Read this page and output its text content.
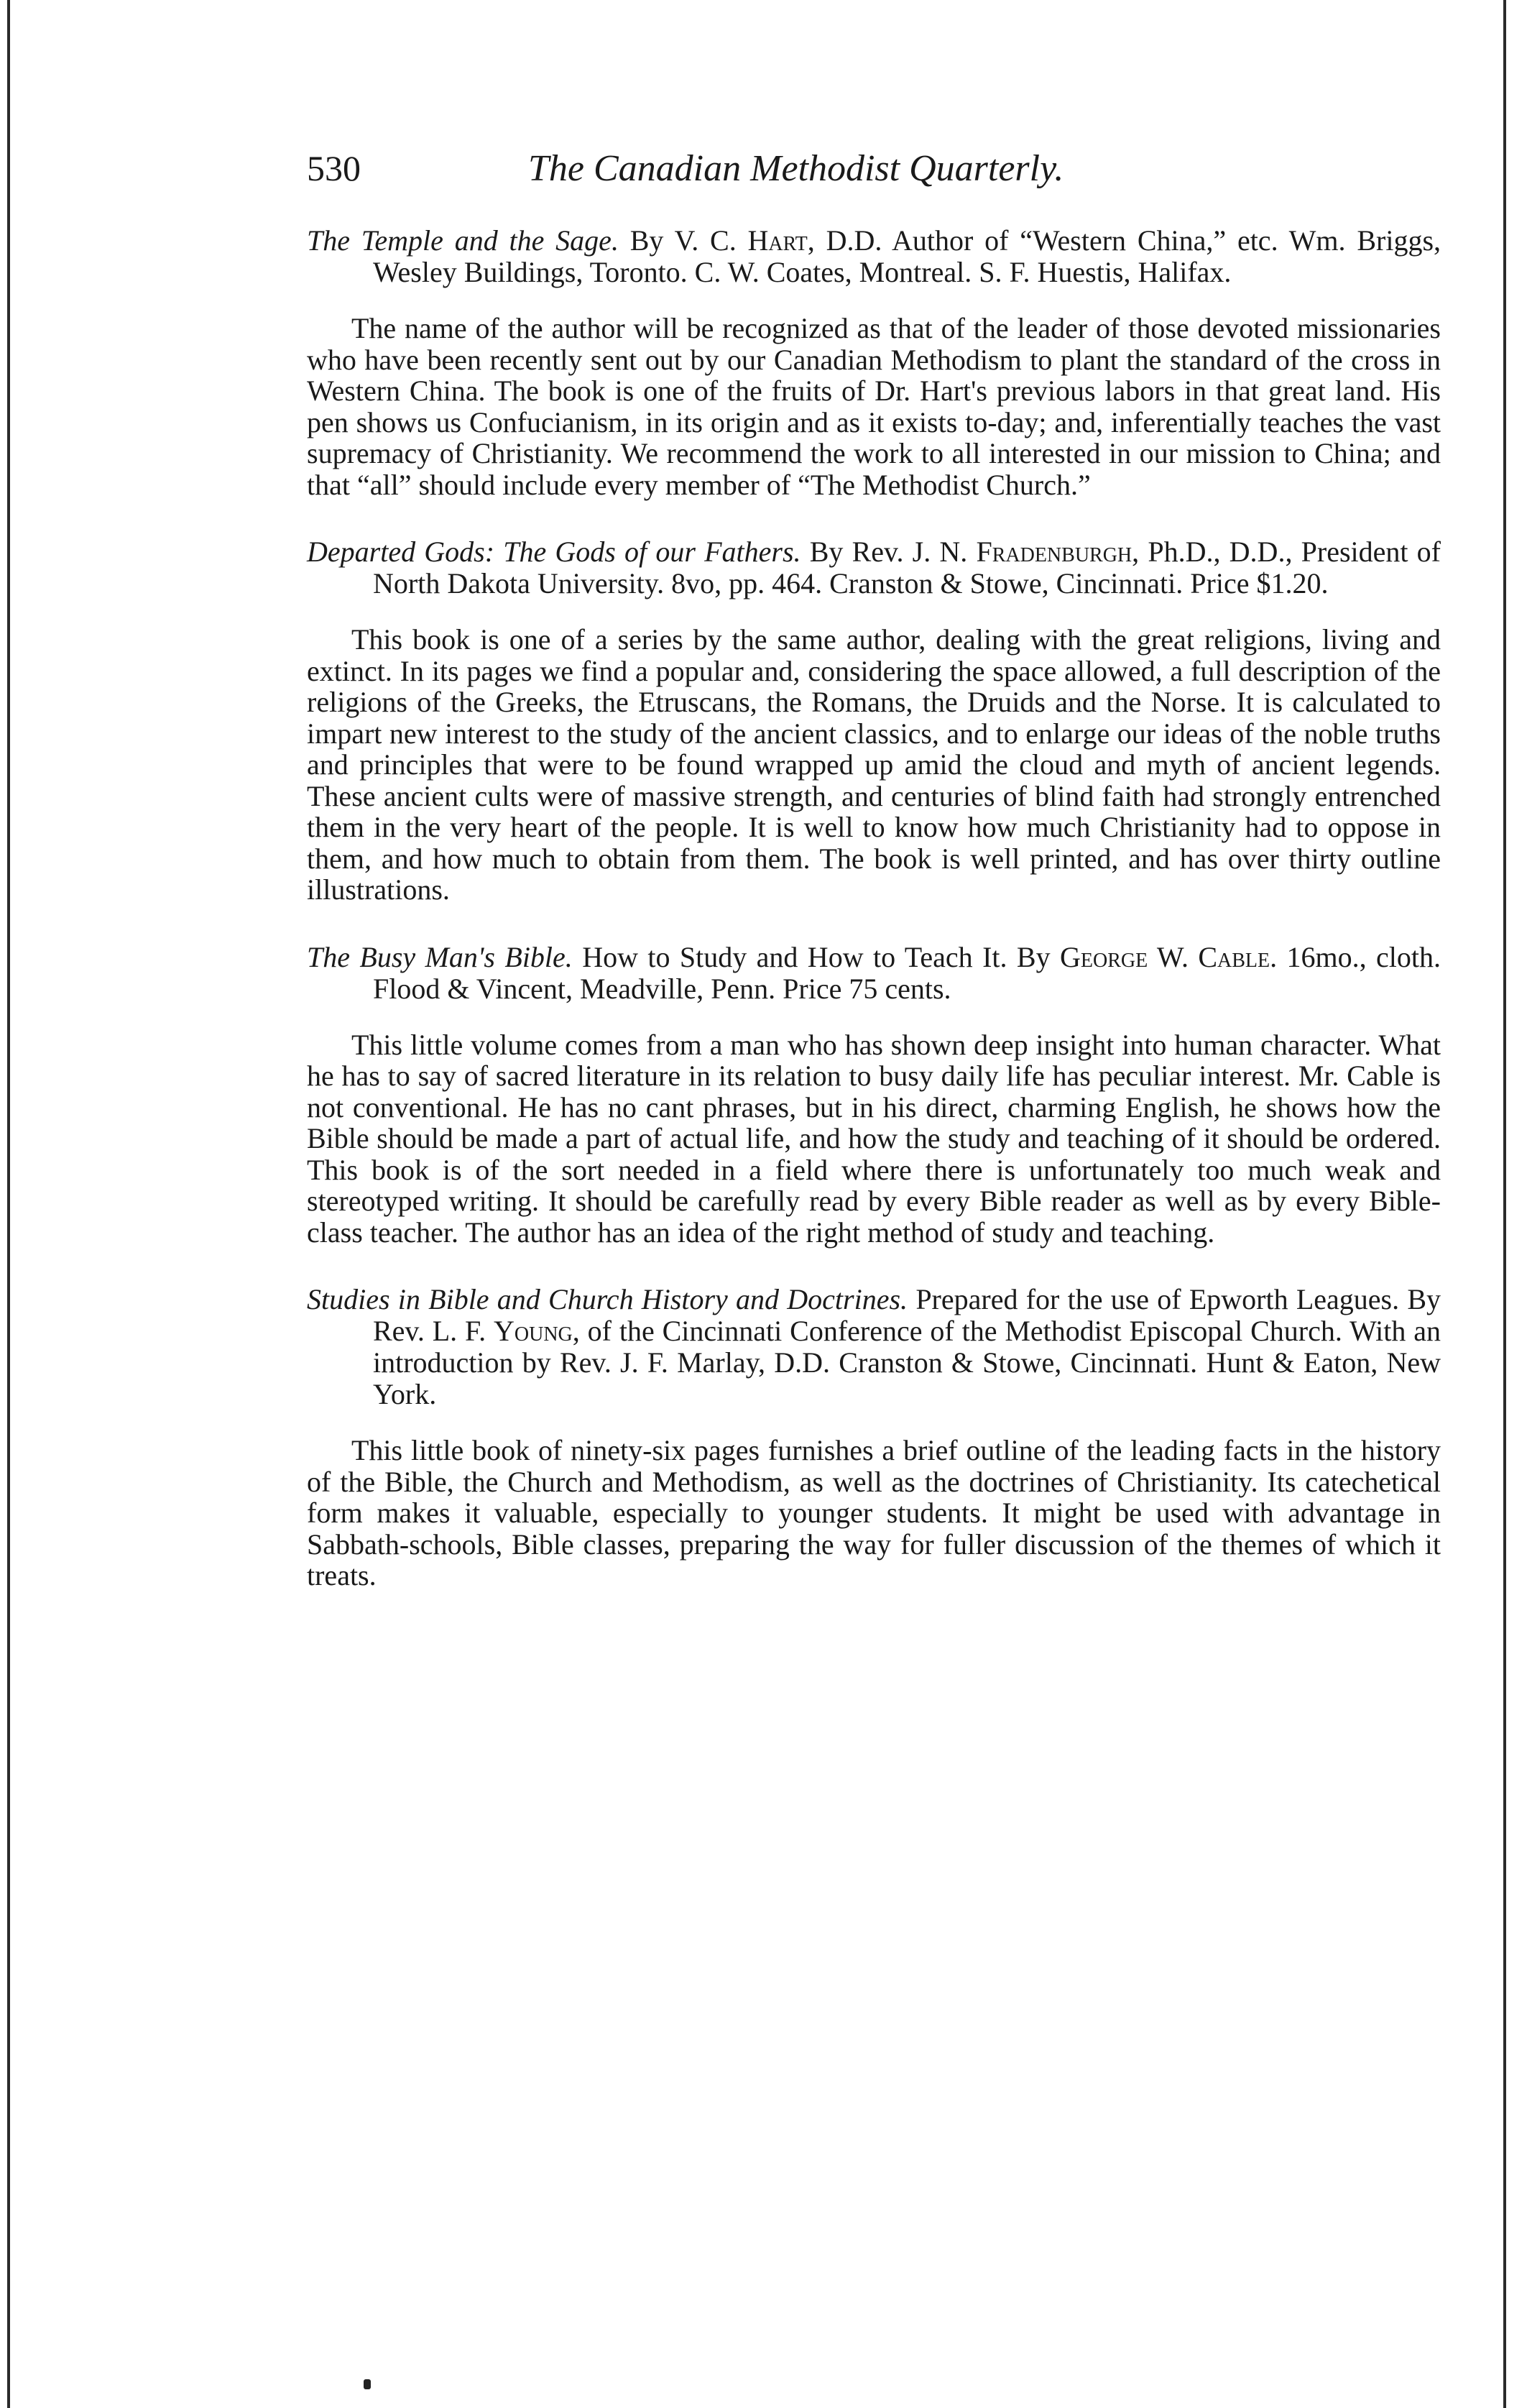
530	The Canadian Methodist Quarterly.

The Temple and the Sage. By V. C. Hart, D.D. Author of “Western China,” etc. Wm. Briggs, Wesley Buildings, Toronto. C. W. Coates, Montreal. S. F. Huestis, Halifax.

The name of the author will be recognized as that of the leader of those devoted missionaries who have been recently sent out by our Canadian Methodism to plant the standard of the cross in Western China. The book is one of the fruits of Dr. Hart's previous labors in that great land. His pen shows us Confucianism, in its origin and as it exists to-day; and, inferentially teaches the vast supremacy of Christianity. We recommend the work to all interested in our mission to China; and that “all” should include every member of “The Methodist Church.”

Departed Gods: The Gods of our Fathers. By Rev. J. N. Fradenburgh, Ph.D., D.D., President of North Dakota University. 8vo, pp. 464. Cranston & Stowe, Cincinnati. Price $1.20.

This book is one of a series by the same author, dealing with the great religions, living and extinct. In its pages we find a popular and, considering the space allowed, a full description of the religions of the Greeks, the Etruscans, the Romans, the Druids and the Norse. It is calculated to impart new interest to the study of the ancient classics, and to enlarge our ideas of the noble truths and principles that were to be found wrapped up amid the cloud and myth of ancient legends. These ancient cults were of massive strength, and centuries of blind faith had strongly entrenched them in the very heart of the people. It is well to know how much Christianity had to oppose in them, and how much to obtain from them. The book is well printed, and has over thirty outline illustrations.

The Busy Man's Bible. How to Study and How to Teach It. By George W. Cable. 16mo., cloth. Flood & Vincent, Meadville, Penn. Price 75 cents.

This little volume comes from a man who has shown deep insight into human character. What he has to say of sacred literature in its relation to busy daily life has peculiar interest. Mr. Cable is not conventional. He has no cant phrases, but in his direct, charming English, he shows how the Bible should be made a part of actual life, and how the study and teaching of it should be ordered. This book is of the sort needed in a field where there is unfortunately too much weak and stereotyped writing. It should be carefully read by every Bible reader as well as by every Bible-class teacher. The author has an idea of the right method of study and teaching.

Studies in Bible and Church History and Doctrines. Prepared for the use of Epworth Leagues. By Rev. L. F. Young, of the Cincinnati Conference of the Methodist Episcopal Church. With an introduction by Rev. J. F. Marlay, D.D. Cranston & Stowe, Cincinnati. Hunt & Eaton, New York.

This little book of ninety-six pages furnishes a brief outline of the leading facts in the history of the Bible, the Church and Methodism, as well as the doctrines of Christianity. Its catechetical form makes it valuable, especially to younger students. It might be used with advantage in Sabbath-schools, Bible classes, preparing the way for fuller discussion of the themes of which it treats.
